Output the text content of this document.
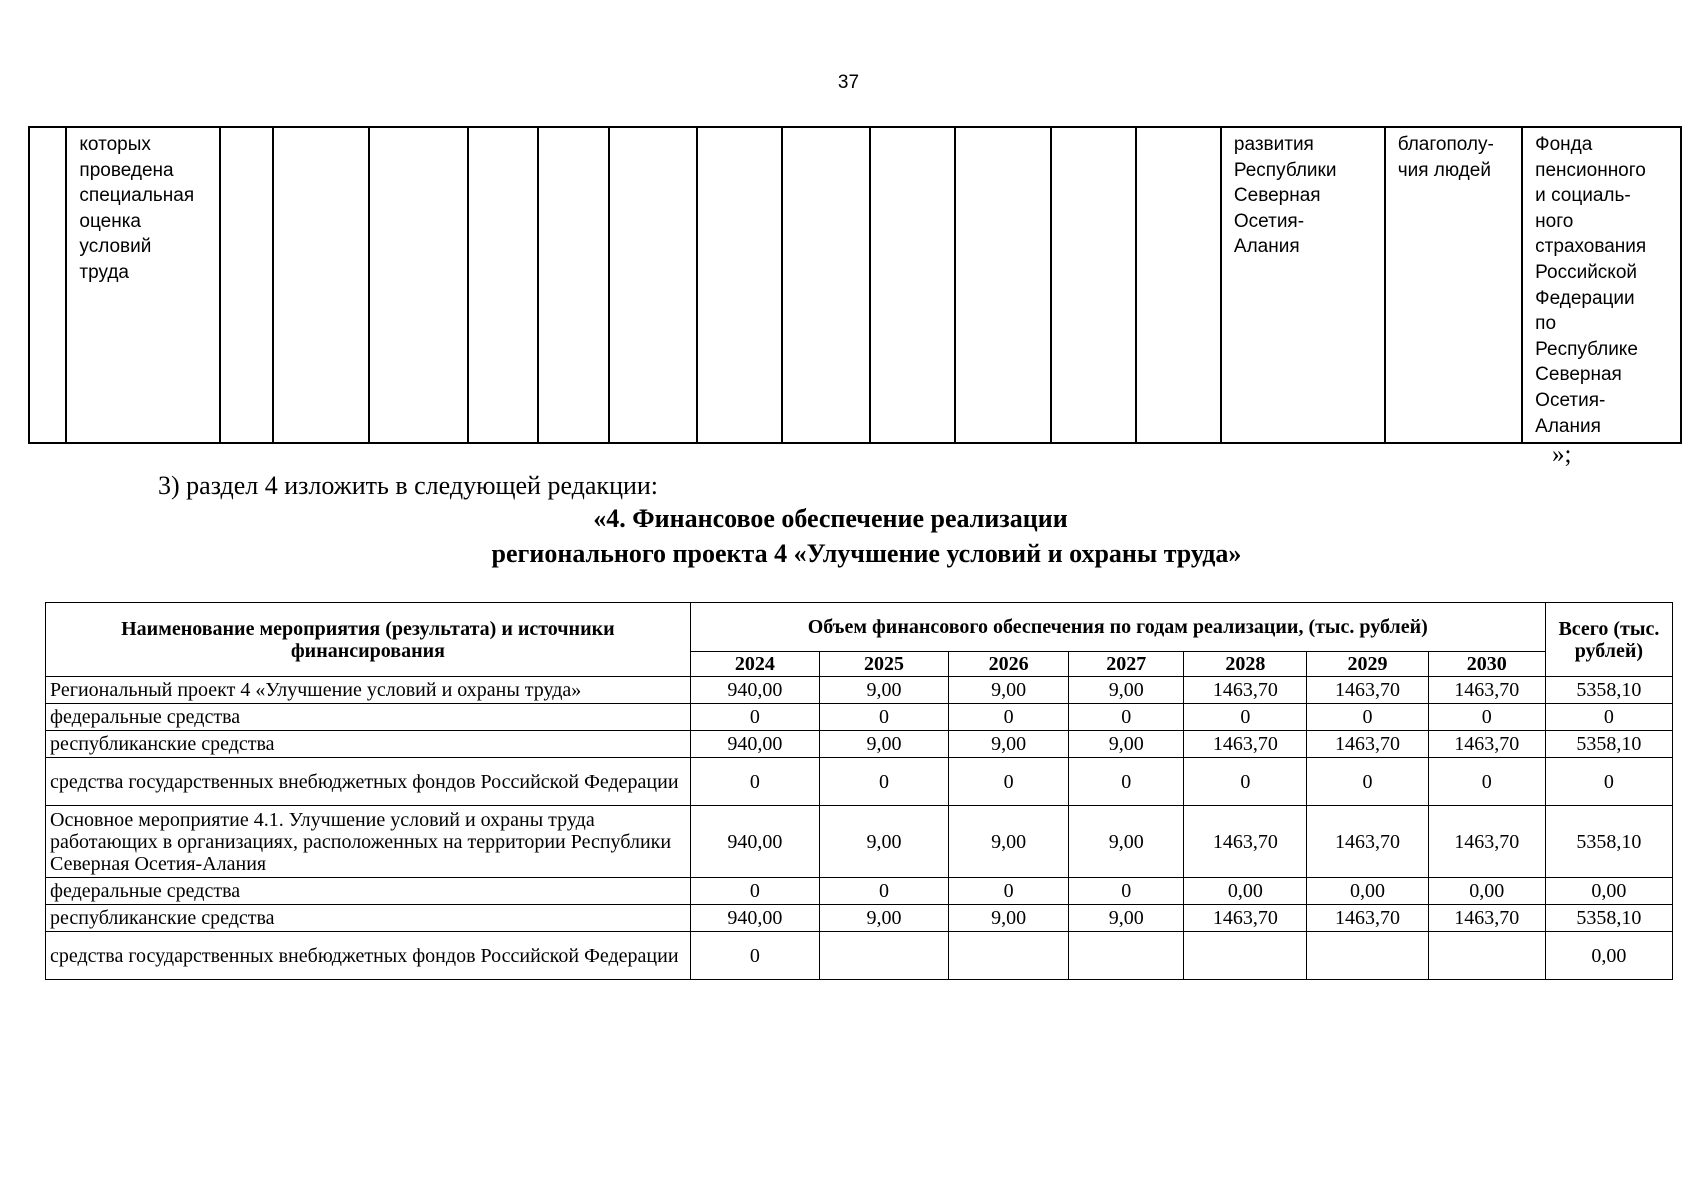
37
	которых
проведена
специальная
оценка
условий
труда													развития
Республики
Северная
Осетия-
Алания	благополу-
чия людей	Фонда
пенсионного
и социаль-
ного
страхования
Российской
Федерации
по
Республике
Северная
Осетия-
Алания
»;
3) раздел 4 изложить в следующей редакции:
«4. Финансовое обеспечение реализации
регионального проекта 4 «Улучшение условий и охраны труда»
Наименование мероприятия (результата) и источники финансирования	Объем финансового обеспечения по годам реализации, (тыс. рублей)							Всего (тыс. рублей)
	2024	2025	2026	2027	2028	2029	2030	
Региональный проект 4 «Улучшение условий и охраны труда»	940,00	9,00	9,00	9,00	1463,70	1463,70	1463,70	5358,10
федеральные средства	0	0	0	0	0	0	0	0
республиканские средства	940,00	9,00	9,00	9,00	1463,70	1463,70	1463,70	5358,10
средства государственных внебюджетных фондов Российской Федерации	0	0	0	0	0	0	0	0
Основное мероприятие 4.1. Улучшение условий и охраны труда работающих в организациях, расположенных на территории Республики Северная Осетия-Алания	940,00	9,00	9,00	9,00	1463,70	1463,70	1463,70	5358,10
федеральные средства	0	0	0	0	0,00	0,00	0,00	0,00
республиканские средства	940,00	9,00	9,00	9,00	1463,70	1463,70	1463,70	5358,10
средства государственных внебюджетных фондов Российской Федерации	0							0,00
